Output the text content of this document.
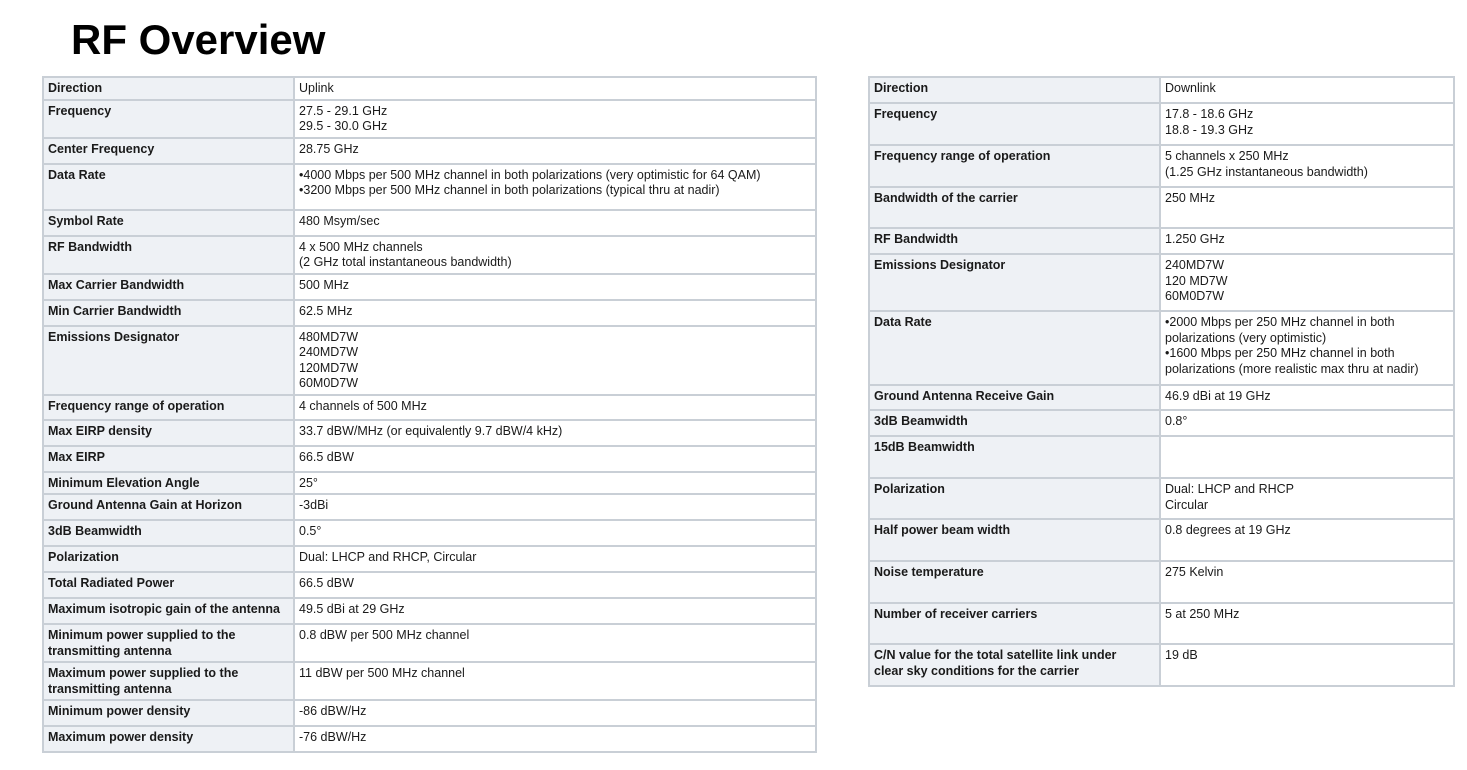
RF Overview
Direction	Uplink
Frequency	27.5 - 29.1 GHz
29.5 - 30.0 GHz
Center Frequency	28.75 GHz
Data Rate	•4000 Mbps per 500 MHz channel in both polarizations (very optimistic for 64 QAM)
•3200 Mbps per 500 MHz channel in both polarizations (typical thru at nadir)
Symbol Rate	480 Msym/sec
RF Bandwidth	4 x 500 MHz channels
(2 GHz total instantaneous bandwidth)
Max Carrier Bandwidth	500 MHz
Min Carrier Bandwidth	62.5 MHz
Emissions Designator	480MD7W
240MD7W
120MD7W
60M0D7W
Frequency range of operation	4 channels of 500 MHz
Max EIRP density	33.7 dBW/MHz (or equivalently 9.7 dBW/4 kHz)
Max EIRP	66.5 dBW
Minimum Elevation Angle	25°
Ground Antenna Gain at Horizon	-3dBi
3dB Beamwidth	0.5°
Polarization	Dual: LHCP and RHCP, Circular
Total Radiated Power	66.5 dBW
Maximum isotropic gain of the antenna	49.5 dBi at 29 GHz
Minimum power supplied to the
transmitting antenna	0.8 dBW per 500 MHz channel
Maximum power supplied to the
transmitting antenna	11 dBW per 500 MHz channel
Minimum power density	-86 dBW/Hz
Maximum power density	-76 dBW/Hz
Direction	Downlink
Frequency	17.8 - 18.6 GHz
18.8 - 19.3 GHz
Frequency range of operation	5 channels x 250 MHz
(1.25 GHz instantaneous bandwidth)
Bandwidth of the carrier	250 MHz
RF Bandwidth	1.250 GHz
Emissions Designator	240MD7W
120 MD7W
60M0D7W
Data Rate	•2000 Mbps per 250 MHz channel in both
polarizations (very optimistic)
•1600 Mbps per 250 MHz channel in both
polarizations (more realistic max thru at nadir)
Ground Antenna Receive Gain	46.9 dBi at 19 GHz
3dB Beamwidth	0.8°
15dB Beamwidth	
Polarization	Dual: LHCP and RHCP
Circular
Half power beam width	0.8 degrees at 19 GHz
Noise temperature	275 Kelvin
Number of receiver carriers	5 at 250 MHz
C/N value for the total satellite link under
clear sky conditions for the carrier	19 dB
